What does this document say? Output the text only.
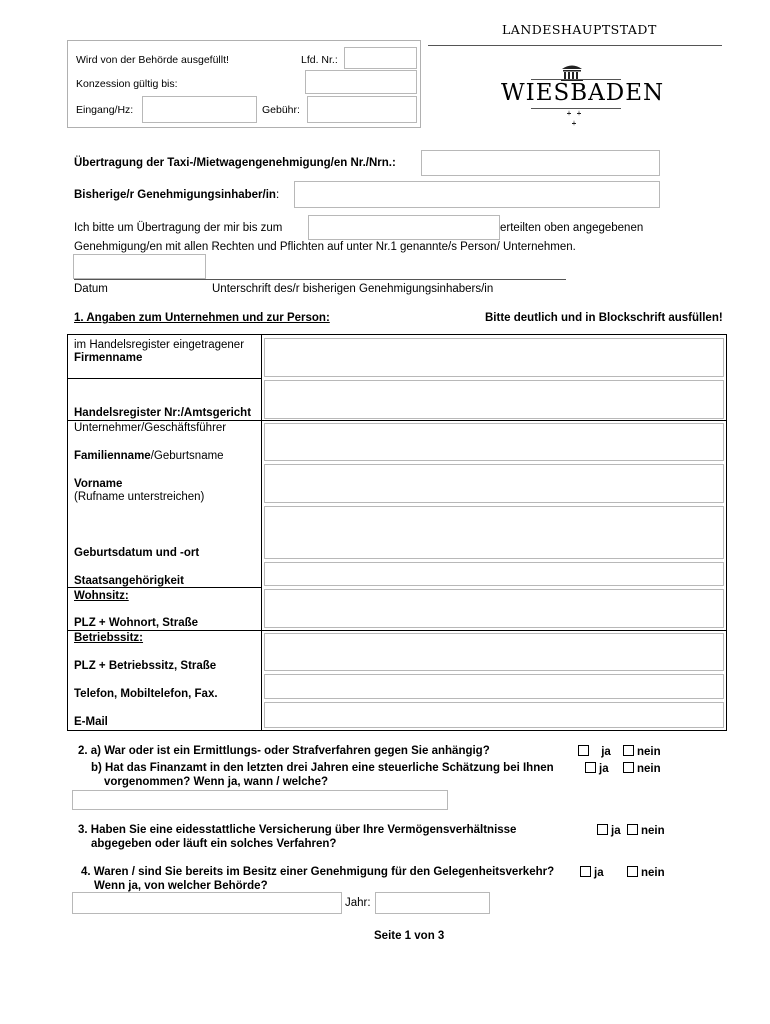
Wird von der Behörde ausgefüllt!	Lfd. Nr.:
Konzession gültig bis:
Eingang/Hz:	Gebühr:
LANDESHAUPTSTADT
WIESBADEN
Übertragung der Taxi-/Mietwagengenehmigung/en Nr./Nrn.:
Bisherige/r Genehmigungsinhaber/in:
Ich bitte um Übertragung der mir bis zum	erteilten oben angegebenen
Genehmigung/en mit allen Rechten und Pflichten auf unter Nr.1 genannte/s Person/ Unternehmen.
Datum	Unterschrift des/r bisherigen Genehmigungsinhabers/in
1. Angaben zum Unternehmen und zur Person:	Bitte deutlich und in Blockschrift ausfüllen!
im Handelsregister eingetragener
Firmenname
Handelsregister Nr:/Amtsgericht
Unternehmer/Geschäftsführer
Familienname/Geburtsname
Vorname
(Rufname unterstreichen)
Geburtsdatum und -ort
Staatsangehörigkeit
Wohnsitz:
PLZ + Wohnort, Straße
Betriebssitz:
PLZ + Betriebssitz, Straße
Telefon, Mobiltelefon, Fax.
E-Mail
2. a) War oder ist ein Ermittlungs- oder Strafverfahren gegen Sie anhängig?	ja	nein
b) Hat das Finanzamt in den letzten drei Jahren eine steuerliche Schätzung bei Ihnen	ja	nein
vorgenommen? Wenn ja, wann / welche?
3. Haben Sie eine eidesstattliche Versicherung über Ihre Vermögensverhältnisse	ja	nein
abgegeben oder läuft ein solches Verfahren?
4. Waren / sind Sie bereits im Besitz einer Genehmigung für den Gelegenheitsverkehr?	ja	nein
Wenn ja, von welcher Behörde?
Jahr:
Seite 1 von 3
